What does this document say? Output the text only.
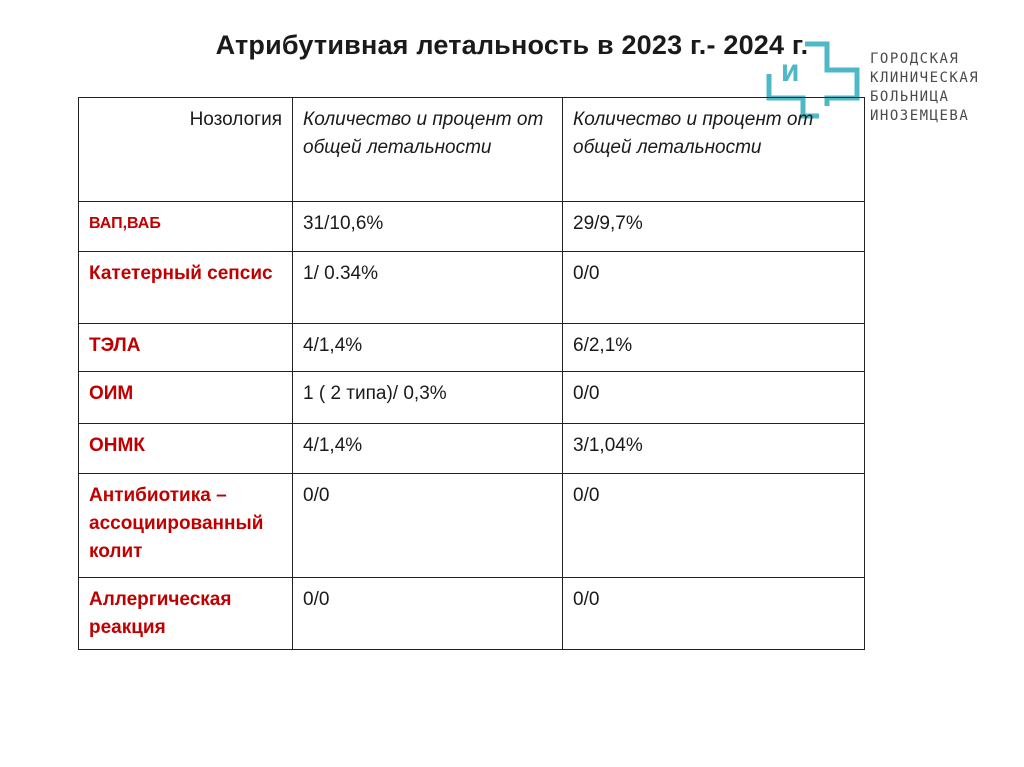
Атрибутивная летальность в 2023 г.- 2024 г.
И
ГОРОДСКАЯ
КЛИНИЧЕСКАЯ
БОЛЬНИЦА
ИНОЗЕМЦЕВА
Нозология	Количество и процент от общей летальности	Количество и процент от общей летальности
ВАП,ВАБ	31/10,6%	29/9,7%
Катетерный сепсис	1/ 0.34%	0/0
ТЭЛА	4/1,4%	6/2,1%
ОИМ	1 ( 2 типа)/ 0,3%	0/0
ОНМК	4/1,4%	3/1,04%
Антибиотика – ассоциированный колит	0/0	0/0
Аллергическая реакция	0/0	0/0
